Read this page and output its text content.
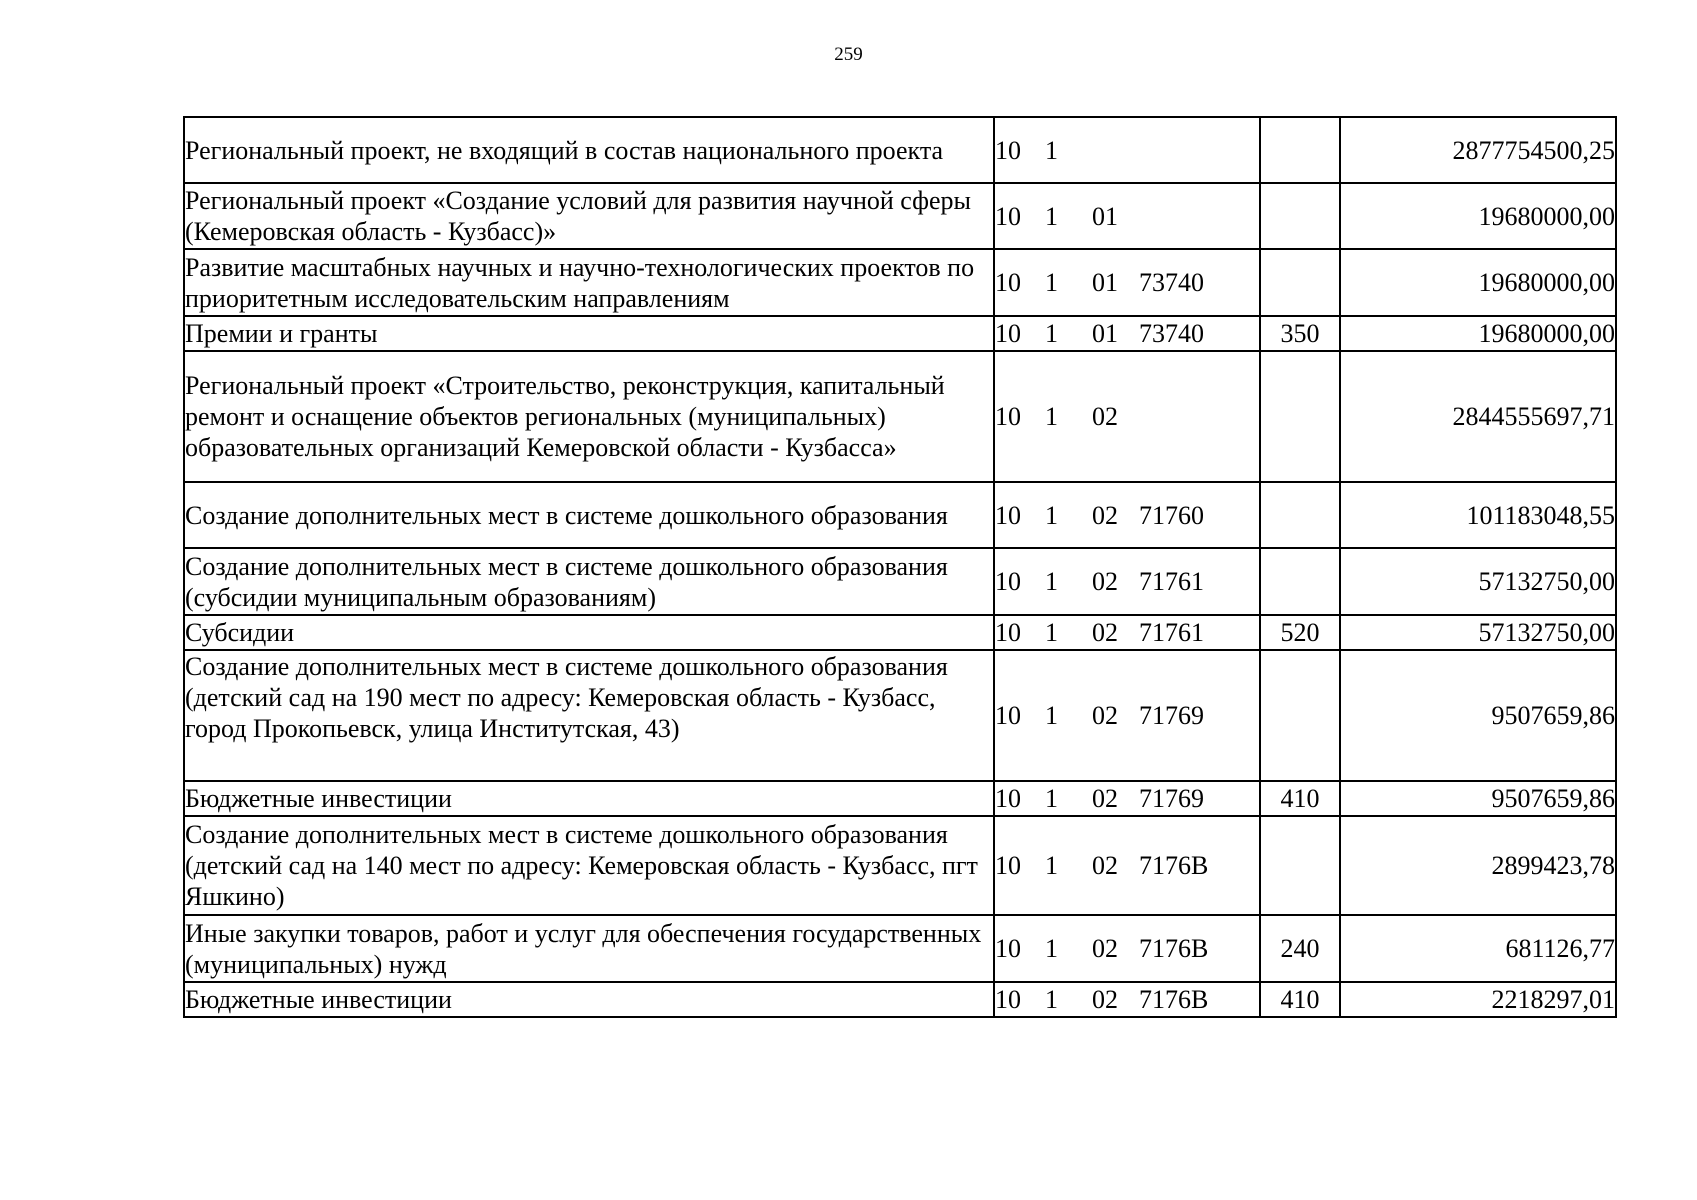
259
Региональный проект, не входящий в состав национального проекта	10 1		2877754500,25
Региональный проект «Создание условий для развития научной сферы (Кемеровская область - Кузбасс)»	10 1 01		19680000,00
Развитие масштабных научных и научно-технологических проектов по приоритетным исследовательским направлениям	10 1 01 73740		19680000,00
Премии и гранты	10 1 01 73740	350	19680000,00
Региональный проект «Строительство, реконструкция, капитальный ремонт и оснащение объектов региональных (муниципальных) образовательных организаций Кемеровской области - Кузбасса»	10 1 02		2844555697,71
Создание дополнительных мест в системе дошкольного образования	10 1 02 71760		101183048,55
Создание дополнительных мест в системе дошкольного образования (субсидии муниципальным образованиям)	10 1 02 71761		57132750,00
Субсидии	10 1 02 71761	520	57132750,00
Создание дополнительных мест в системе дошкольного образования (детский сад на 190 мест по адресу: Кемеровская область - Кузбасс, город Прокопьевск, улица Институтская, 43)	10 1 02 71769		9507659,86
Бюджетные инвестиции	10 1 02 71769	410	9507659,86
Создание дополнительных мест в системе дошкольного образования (детский сад на 140 мест по адресу: Кемеровская область - Кузбасс, пгт Яшкино)	10 1 02 7176В		2899423,78
Иные закупки товаров, работ и услуг для обеспечения государственных (муниципальных) нужд	10 1 02 7176В	240	681126,77
Бюджетные инвестиции	10 1 02 7176В	410	2218297,01
